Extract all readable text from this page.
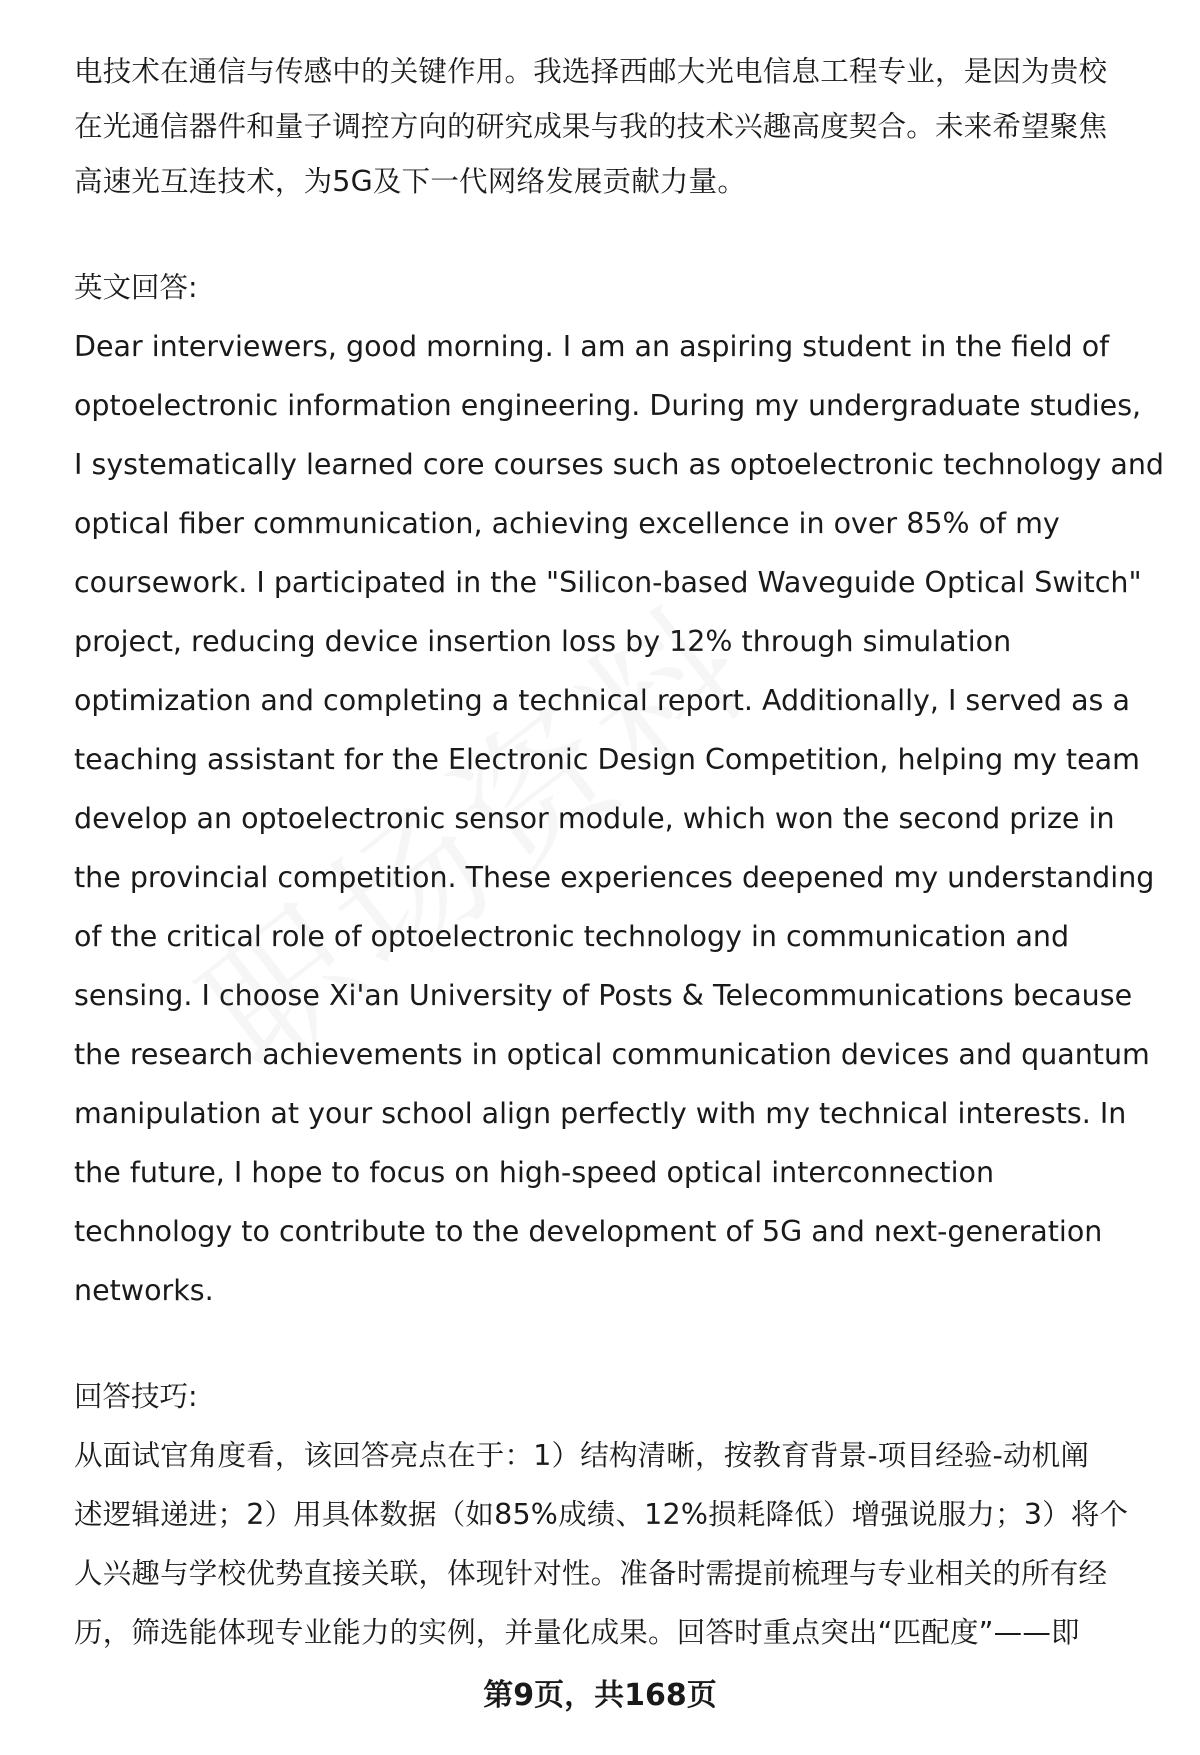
电技术在通信与传感中的关键作用。我选择西邮大光电信息工程专业，是因为贵校
在光通信器件和量子调控方向的研究成果与我的技术兴趣高度契合。未来希望聚焦
高速光互连技术，为5G及下一代网络发展贡献力量。
英文回答:
Dear interviewers, good morning. I am an aspiring student in the field of
optoelectronic information engineering. During my undergraduate studies,
I systematically learned core courses such as optoelectronic technology and
optical fiber communication, achieving excellence in over 85% of my
coursework. I participated in the "Silicon-based Waveguide Optical Switch"
project, reducing device insertion loss by 12% through simulation
optimization and completing a technical report. Additionally, I served as a
teaching assistant for the Electronic Design Competition, helping my team
develop an optoelectronic sensor module, which won the second prize in
the provincial competition. These experiences deepened my understanding
of the critical role of optoelectronic technology in communication and
sensing. I choose Xi'an University of Posts & Telecommunications because
the research achievements in optical communication devices and quantum
manipulation at your school align perfectly with my technical interests. In
the future, I hope to focus on high-speed optical interconnection
technology to contribute to the development of 5G and next-generation
networks.
回答技巧:
从面试官角度看，该回答亮点在于：1）结构清晰，按教育背景-项目经验-动机阐
述逻辑递进；2）用具体数据（如85%成绩、12%损耗降低）增强说服力；3）将个
人兴趣与学校优势直接关联，体现针对性。准备时需提前梳理与专业相关的所有经
历，筛选能体现专业能力的实例，并量化成果。回答时重点突出“匹配度”——即
第9页，共168页
